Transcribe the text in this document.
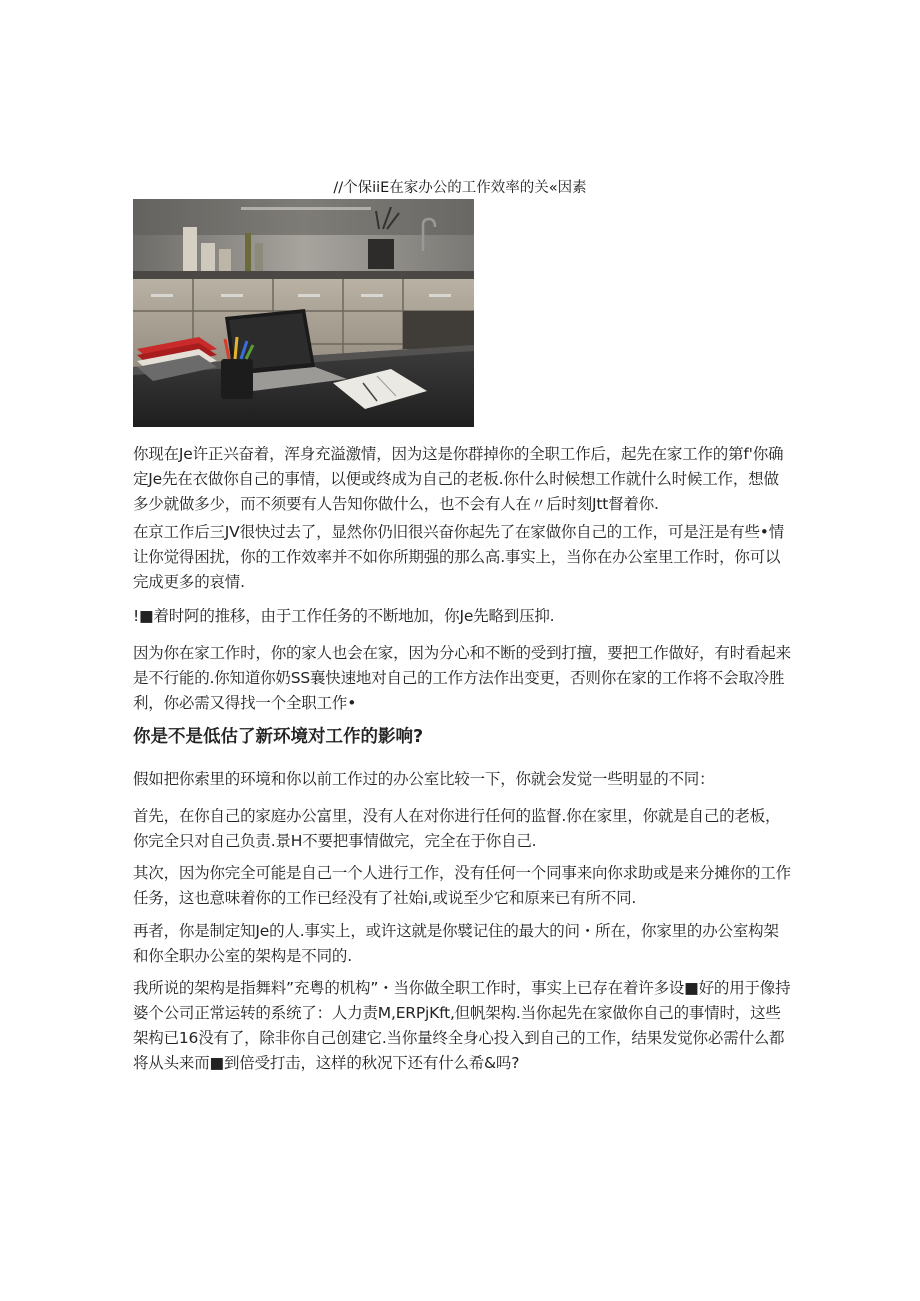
//个保iiE在家办公的工作效率的关«因素

你现在Je许正兴奋着，浑身充溢激情，因为这是你群掉你的全职工作后，起先在家工作的第f'你确定Je先在衣做你自己的事情，以便或终成为自己的老板.你什么时候想工作就什么时候工作，想做多少就做多少，而不须要有人告知你做什么，也不会有人在〃后时刻Jtt督着你.

在京工作后三JV很快过去了，显然你仍旧很兴奋你起先了在家做你自己的工作，可是汪是有些•情让你觉得困扰，你的工作效率并不如你所期强的那么高.事实上，当你在办公室里工作时，你可以完成更多的哀情.

!■着时阿的推移，由于工作任务的不断地加，你Je先略到压抑.

因为你在家工作时，你的家人也会在家，因为分心和不断的受到打擅，要把工作做好，有时看起来是不行能的.你知道你奶SS襄快速地对自己的工作方法作出变更，否则你在家的工作将不会取冷胜利，你必需又得找一个全职工作•

你是不是低估了新环境对工作的影响?

假如把你索里的环境和你以前工作过的办公室比较一下，你就会发觉一些明显的不同：

首先，在你自己的家庭办公富里，没有人在对你进行任何的监督.你在家里，你就是自己的老板，你完全只对自己负责.景H不要把事情做完，完全在于你自己.

其次，因为你完全可能是自己一个人进行工作，没有任何一个同事来向你求助或是来分摊你的工作任务，这也意味着你的工作已经没有了社始i,或说至少它和原来已有所不同.

再者，你是制定知Je的人.事实上，或许这就是你襞记住的最大的问・所在，你家里的办公室构架和你全职办公室的架构是不同的.

我所说的架构是指舞料”充粤的机构”・当你做全职工作时，事实上已存在着许多设■好的用于像持婆个公司正常运转的系统了：人力责M,ERPjKft,但帆架构.当你起先在家做你自己的事情时，这些架构已16没有了，除非你自己创建它.当你量终全身心投入到自己的工作，结果发觉你必需什么都将从头来而■到倍受打击，这样的秋况下还有什么希&吗?
